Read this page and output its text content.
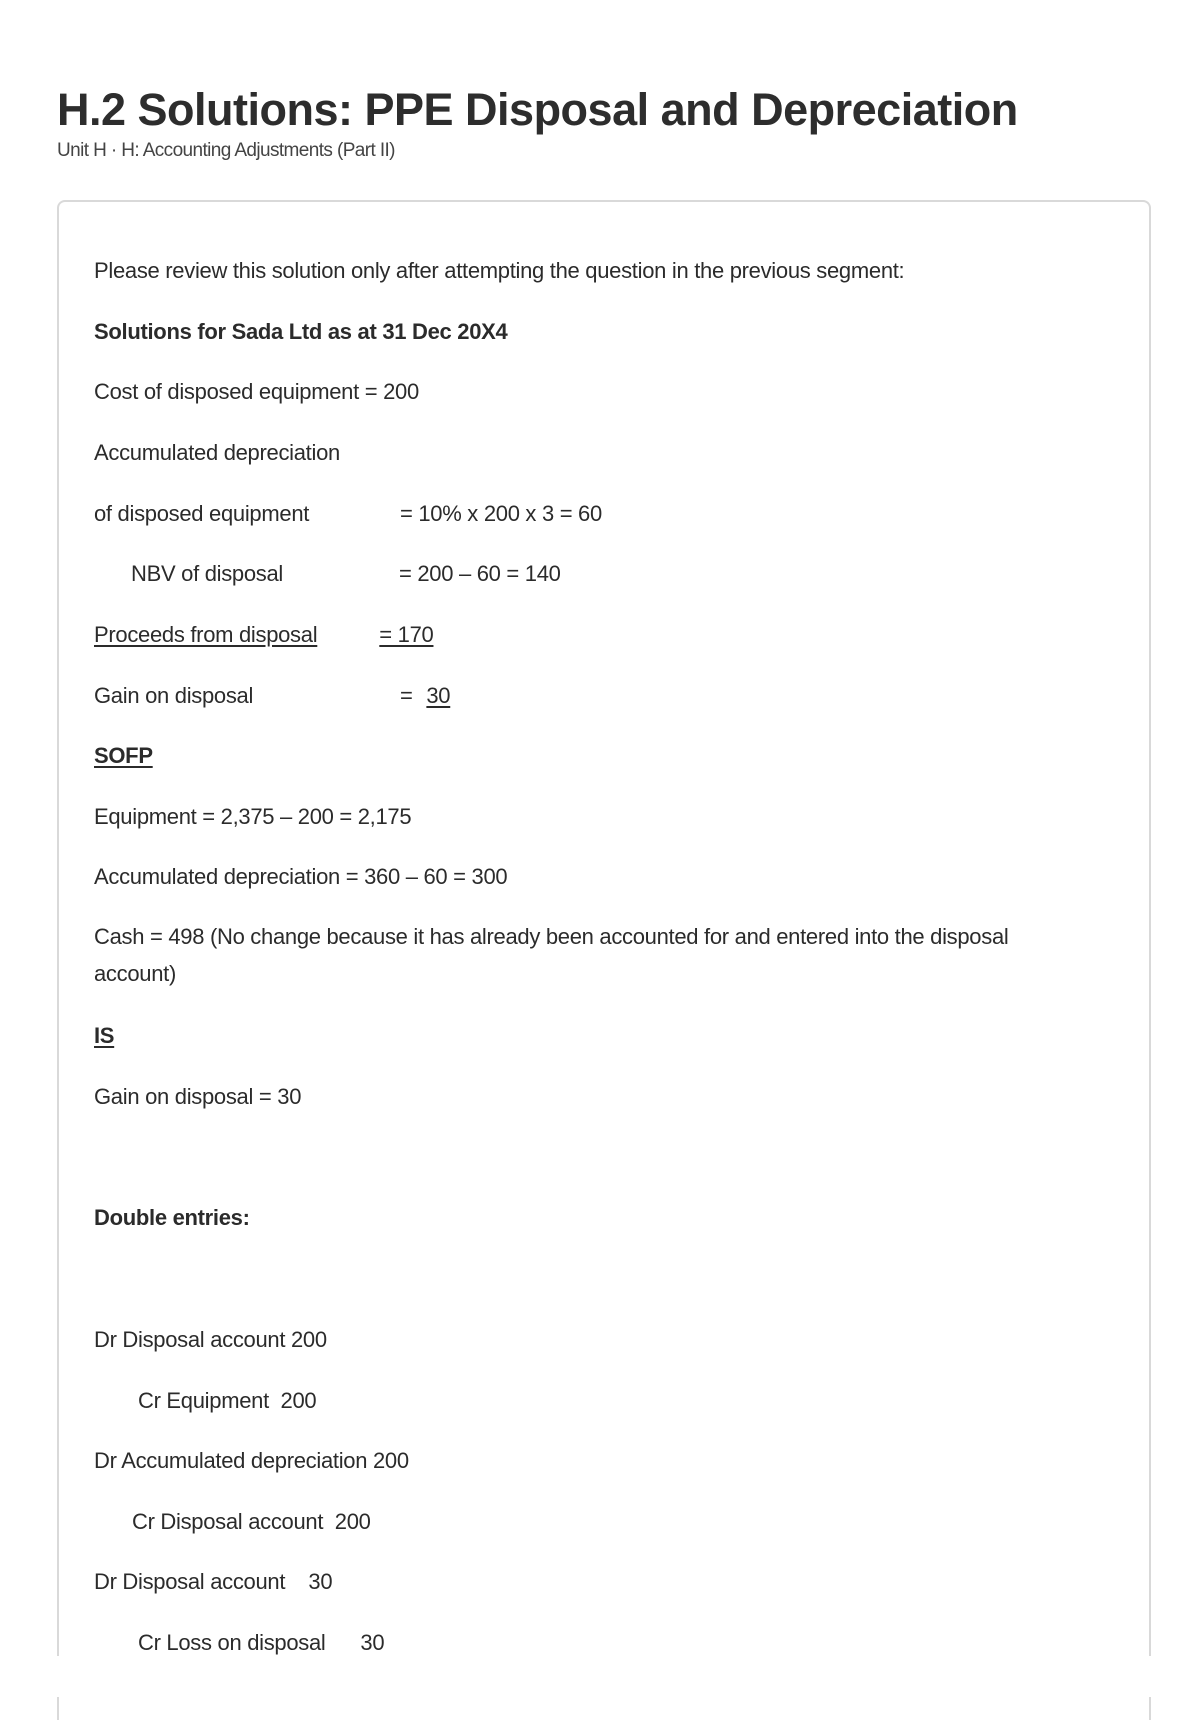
H.2 Solutions: PPE Disposal and Depreciation
Unit H · H: Accounting Adjustments (Part II)
Please review this solution only after attempting the question in the previous segment:
Solutions for Sada Ltd as at 31 Dec 20X4
Cost of disposed equipment = 200
Accumulated depreciation
of disposed equipment	= 10% x 200 x 3 = 60
NBV of disposal	= 200 – 60 = 140
Proceeds from disposal	= 170
Gain on disposal	= 30
SOFP
Equipment = 2,375 – 200 = 2,175
Accumulated depreciation = 360 – 60 = 300
Cash = 498 (No change because it has already been accounted for and entered into the disposal account)
IS
Gain on disposal = 30
Double entries:
Dr Disposal account 200
Cr Equipment  200
Dr Accumulated depreciation 200
Cr Disposal account  200
Dr Disposal account    30
Cr Loss on disposal      30
